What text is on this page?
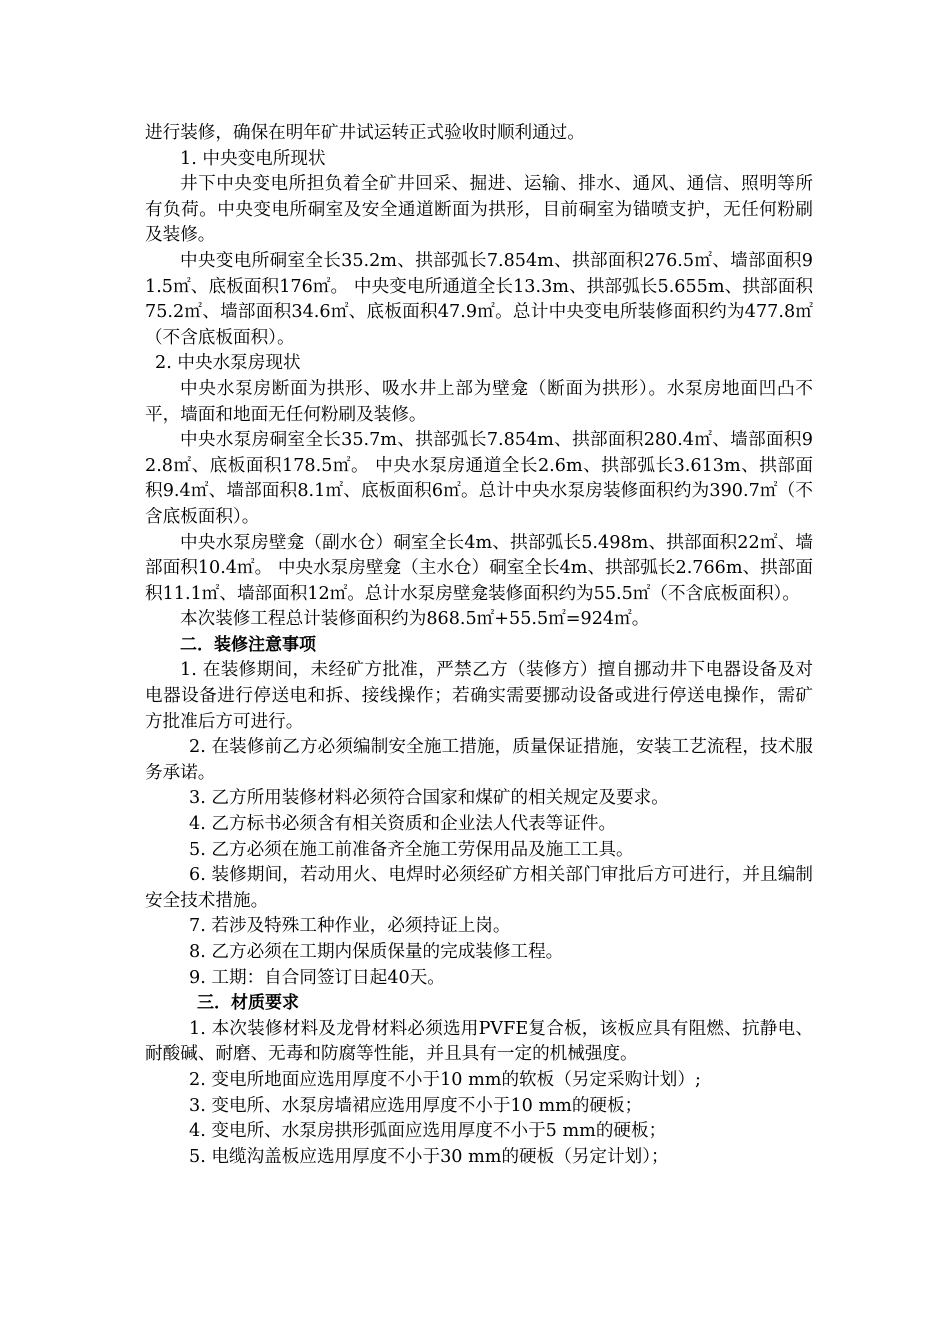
进行装修，确保在明年矿井试运转正式验收时顺利通过。

1. 中央变电所现状

井下中央变电所担负着全矿井回采、掘进、运输、排水、通风、通信、照明等所有负荷。中央变电所硐室及安全通道断面为拱形，目前硐室为锚喷支护，无任何粉刷及装修。

中央变电所硐室全长35.2m、拱部弧长7.854m、拱部面积276.5㎡、墙部面积91.5㎡、底板面积176㎡。 中央变电所通道全长13.3m、拱部弧长5.655m、拱部面积75.2㎡、墙部面积34.6㎡、底板面积47.9㎡。总计中央变电所装修面积约为477.8㎡（不含底板面积）。

2. 中央水泵房现状

中央水泵房断面为拱形、吸水井上部为壁龛（断面为拱形）。水泵房地面凹凸不平，墙面和地面无任何粉刷及装修。

中央水泵房硐室全长35.7m、拱部弧长7.854m、拱部面积280.4㎡、墙部面积92.8㎡、底板面积178.5㎡。 中央水泵房通道全长2.6m、拱部弧长3.613m、拱部面积9.4㎡、墙部面积8.1㎡、底板面积6㎡。总计中央水泵房装修面积约为390.7㎡（不含底板面积）。

中央水泵房壁龛（副水仓）硐室全长4m、拱部弧长5.498m、拱部面积22㎡、墙部面积10.4㎡。 中央水泵房壁龛（主水仓）硐室全长4m、拱部弧长2.766m、拱部面积11.1㎡、墙部面积12㎡。总计水泵房壁龛装修面积约为55.5㎡（不含底板面积）。

本次装修工程总计装修面积约为868.5㎡+55.5㎡=924㎡。

二．装修注意事项

1. 在装修期间，未经矿方批准，严禁乙方（装修方）擅自挪动井下电器设备及对电器设备进行停送电和拆、接线操作；若确实需要挪动设备或进行停送电操作，需矿方批准后方可进行。

2. 在装修前乙方必须编制安全施工措施，质量保证措施，安装工艺流程，技术服务承诺。

3. 乙方所用装修材料必须符合国家和煤矿的相关规定及要求。

4. 乙方标书必须含有相关资质和企业法人代表等证件。

5. 乙方必须在施工前准备齐全施工劳保用品及施工工具。

6. 装修期间，若动用火、电焊时必须经矿方相关部门审批后方可进行，并且编制安全技术措施。

7. 若涉及特殊工种作业，必须持证上岗。

8. 乙方必须在工期内保质保量的完成装修工程。

9. 工期：自合同签订日起40天。

三．材质要求

1. 本次装修材料及龙骨材料必须选用PVFE复合板，该板应具有阻燃、抗静电、耐酸碱、耐磨、无毒和防腐等性能，并且具有一定的机械强度。

2. 变电所地面应选用厚度不小于10 mm的软板（另定采购计划）;

3. 变电所、水泵房墙裙应选用厚度不小于10 mm的硬板；

4. 变电所、水泵房拱形弧面应选用厚度不小于5 mm的硬板；

5. 电缆沟盖板应选用厚度不小于30 mm的硬板（另定计划）；
